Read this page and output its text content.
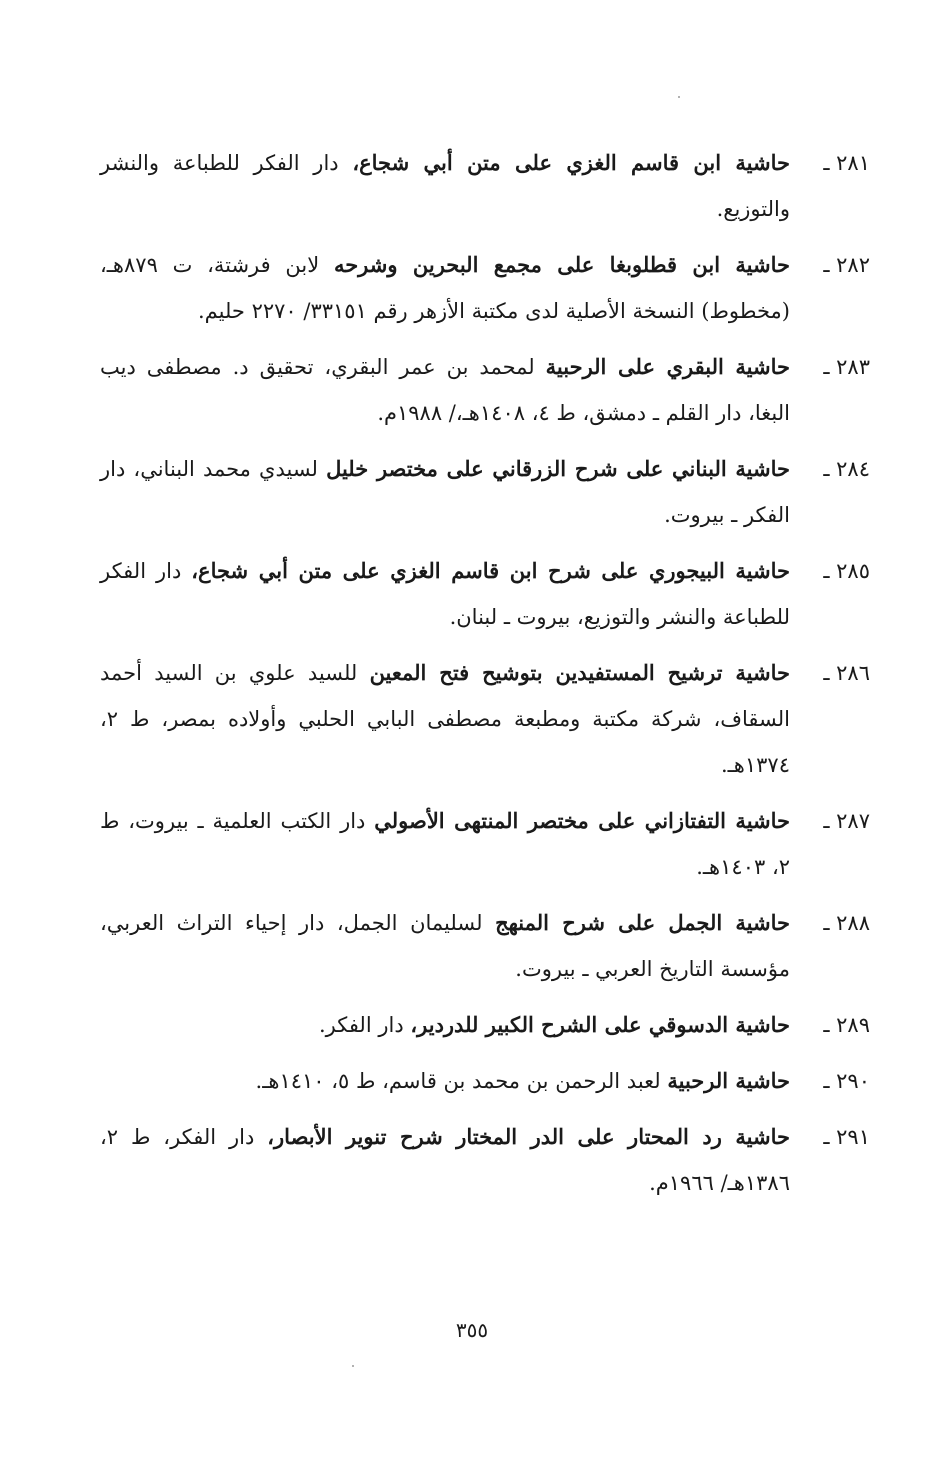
٢٨١ ـ
حاشية ابن قاسم الغزي على متن أبي شجاع، دار الفكر للطباعة والنشر والتوزيع.
٢٨٢ ـ
حاشية ابن قطلوبغا على مجمع البحرين وشرحه لابن فرشتة، ت ٨٧٩هـ، (مخطوط) النسخة الأصلية لدى مكتبة الأزهر رقم ٣٣١٥١/ ٢٢٧٠ حليم.
٢٨٣ ـ
حاشية البقري على الرحبية لمحمد بن عمر البقري، تحقيق د. مصطفى ديب البغا، دار القلم ـ دمشق، ط ٤، ١٤٠٨هـ،/ ١٩٨٨م.
٢٨٤ ـ
حاشية البناني على شرح الزرقاني على مختصر خليل لسيدي محمد البناني، دار الفكر ـ بيروت.
٢٨٥ ـ
حاشية البيجوري على شرح ابن قاسم الغزي على متن أبي شجاع، دار الفكر للطباعة والنشر والتوزيع، بيروت ـ لبنان.
٢٨٦ ـ
حاشية ترشيح المستفيدين بتوشيح فتح المعين للسيد علوي بن السيد أحمد السقاف، شركة مكتبة ومطبعة مصطفى البابي الحلبي وأولاده بمصر، ط ٢، ١٣٧٤هـ.
٢٨٧ ـ
حاشية التفتازاني على مختصر المنتهى الأصولي دار الكتب العلمية ـ بيروت، ط ٢، ١٤٠٣هـ.
٢٨٨ ـ
حاشية الجمل على شرح المنهج لسليمان الجمل، دار إحياء التراث العربي، مؤسسة التاريخ العربي ـ بيروت.
٢٨٩ ـ
حاشية الدسوقي على الشرح الكبير للدردير، دار الفكر.
٢٩٠ ـ
حاشية الرحبية لعبد الرحمن بن محمد بن قاسم، ط ٥، ١٤١٠هـ.
٢٩١ ـ
حاشية رد المحتار على الدر المختار شرح تنوير الأبصار، دار الفكر، ط ٢، ١٣٨٦هـ/ ١٩٦٦م.
٣٥٥
